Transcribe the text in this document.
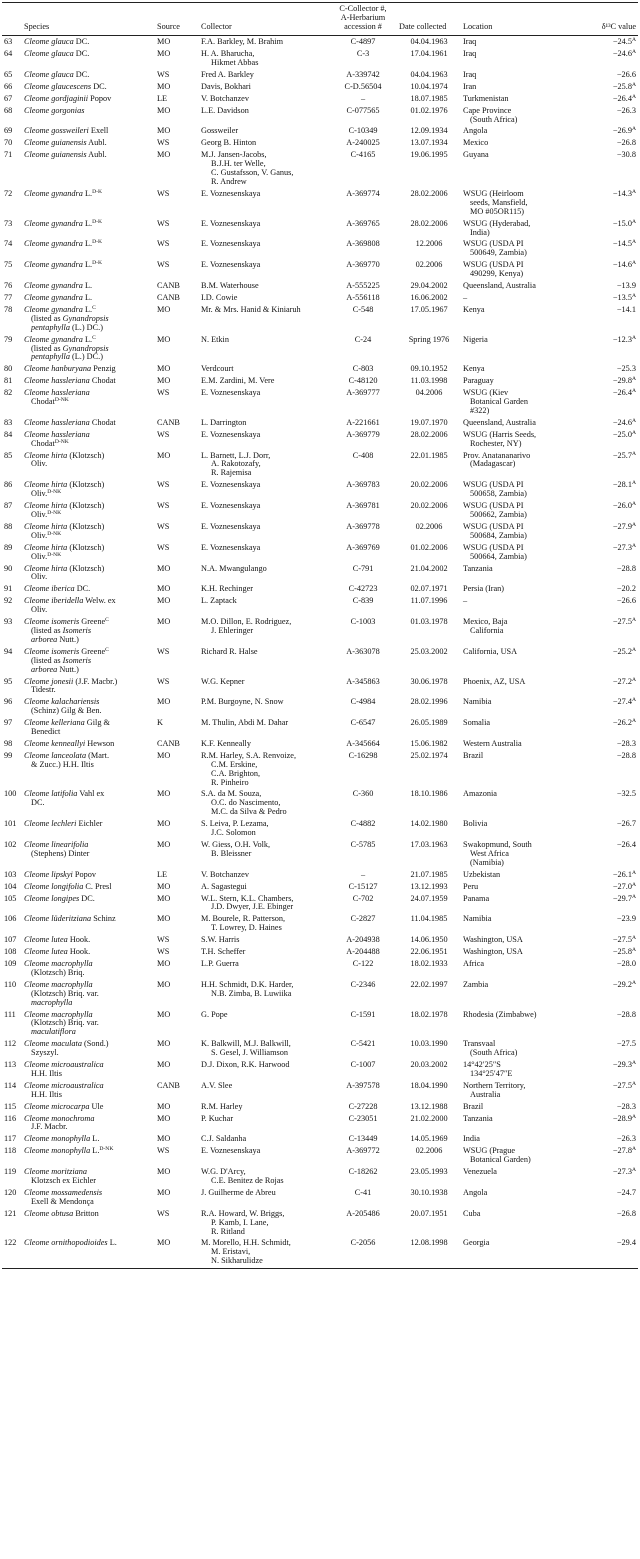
	Species	Source	Collector	C-Collector #,
A-Herbarium
accession #	Date collected	Location	δ¹³C value
63	Cleome glauca DC.	MO	F.A. Barkley, M. Brahim	C-4897	04.04.1963	Iraq	$-24.5^A$
64	Cleome glauca DC.	MO	H. A. Bharucha,
Hikmet Abbas	C-3	17.04.1961	Iraq	$-24.6^A$
65	Cleome glauca DC.	WS	Fred A. Barkley	A-339742	04.04.1963	Iraq	−26.6
66	Cleome glaucescens DC.	MO	Davis, Bokhari	C-D.56504	10.04.1974	Iran	$-25.8^A$
67	Cleome gordjaginii Popov	LE	V. Botchanzev	–	18.07.1985	Turkmenistan	$-26.4^A$
68	Cleome gorgonias	MO	L.E. Davidson	C-077565	01.02.1976	Cape Province
(South Africa)	−26.3
69	Cleome gossweileri Exell	MO	Gossweiler	C-10349	12.09.1934	Angola	$-26.9^A$
70	Cleome guianensis Aubl.	WS	Georg B. Hinton	A-240025	13.07.1934	Mexico	−26.8
71	Cleome guianensis Aubl.	MO	M.J. Jansen-Jacobs,
B.J.H. ter Welle,
C. Gustafsson, V. Ganus,
R. Andrew	C-4165	19.06.1995	Guyana	−30.8
72	Cleome gynandra L.$^{D-K}$	WS	E. Voznesenskaya	A-369774	28.02.2006	WSUG (Heirloom
seeds, Mansfield,
MO #05OR115)	$-14.3^A$
73	Cleome gynandra L.$^{D-K}$	WS	E. Voznesenskaya	A-369765	28.02.2006	WSUG (Hyderabad,
India)	$-15.0^A$
74	Cleome gynandra L.$^{D-K}$	WS	E. Voznesenskaya	A-369808	12.2006	WSUG (USDA PI
500649, Zambia)	$-14.5^A$
75	Cleome gynandra L.$^{D-K}$	WS	E. Voznesenskaya	A-369770	02.2006	WSUG (USDA PI
490299, Kenya)	$-14.6^A$
76	Cleome gynandra L.	CANB	B.M. Waterhouse	A-555225	29.04.2002	Queensland, Australia	−13.9
77	Cleome gynandra L.	CANB	I.D. Cowie	A-556118	16.06.2002	–	$-13.5^A$
78	Cleome gynandra L.$^C$
(listed as Gynandropsis
pentaphylla (L.) DC.)	MO	Mr. & Mrs. Hanid & Kiniaruh	C-548	17.05.1967	Kenya	−14.1
79	Cleome gynandra L.$^C$
(listed as Gynandropsis
pentaphylla (L.) DC.)	MO	N. Etkin	C-24	Spring 1976	Nigeria	$-12.3^A$
80	Cleome hanburyana Penzig	MO	Verdcourt	C-803	09.10.1952	Kenya	−25.3
81	Cleome hassleriana Chodat	MO	E.M. Zardini, M. Vere	C-48120	11.03.1998	Paraguay	$-29.8^A$
82	Cleome hassleriana
Chodat$^{D-NK}$	WS	E. Voznesenskaya	A-369777	04.2006	WSUG (Kiev
Botanical Garden
#322)	$-26.4^A$
83	Cleome hassleriana Chodat	CANB	L. Darrington	A-221661	19.07.1970	Queensland, Australia	$-24.6^A$
84	Cleome hassleriana
Chodat$^{D-NK}$	WS	E. Voznesenskaya	A-369779	28.02.2006	WSUG (Harris Seeds,
Rochester, NY)	$-25.0^A$
85	Cleome hirta (Klotzsch)
Oliv.	MO	L. Barnett, L.J. Dorr,
A. Rakotozafy,
R. Rajemisa	C-408	22.01.1985	Prov. Anatananarivo
(Madagascar)	$-25.7^A$
86	Cleome hirta (Klotzsch)
Oliv.$^{D-NK}$	WS	E. Voznesenskaya	A-369783	20.02.2006	WSUG (USDA PI
500658, Zambia)	$-28.1^A$
87	Cleome hirta (Klotzsch)
Oliv.$^{D-NK}$	WS	E. Voznesenskaya	A-369781	20.02.2006	WSUG (USDA PI
500662, Zambia)	$-26.0^A$
88	Cleome hirta (Klotzsch)
Oliv.$^{D-NK}$	WS	E. Voznesenskaya	A-369778	02.2006	WSUG (USDA PI
500684, Zambia)	$-27.9^A$
89	Cleome hirta (Klotzsch)
Oliv.$^{D-NK}$	WS	E. Voznesenskaya	A-369769	01.02.2006	WSUG (USDA PI
500664, Zambia)	$-27.3^A$
90	Cleome hirta (Klotzsch)
Oliv.	MO	N.A. Mwangulango	C-791	21.04.2002	Tanzania	−28.8
91	Cleome iberica DC.	MO	K.H. Rechinger	C-42723	02.07.1971	Persia (Iran)	−20.2
92	Cleome iberidella Welw. ex
Oliv.	MO	L. Zaptack	C-839	11.07.1996	–	−26.6
93	Cleome isomeris Greene$^C$
(listed as Isomeris
arborea Nutt.)	MO	M.O. Dillon, E. Rodriguez,
J. Ehleringer	C-1003	01.03.1978	Mexico, Baja
California	$-27.5^A$
94	Cleome isomeris Greene$^C$
(listed as Isomeris
arborea Nutt.)	WS	Richard R. Halse	A-363078	25.03.2002	California, USA	$-25.2^A$
95	Cleome jonesii (J.F. Macbr.)
Tidestr.	WS	W.G. Kepner	A-345863	30.06.1978	Phoenix, AZ, USA	$-27.2^A$
96	Cleome kalachariensis
(Schinz) Gilg & Ben.	MO	P.M. Burgoyne, N. Snow	C-4984	28.02.1996	Namibia	$-27.4^A$
97	Cleome kelleriana Gilg &
Benedict	K	M. Thulin, Abdi M. Dahar	C-6547	26.05.1989	Somalia	$-26.2^A$
98	Cleome kenneallyi Hewson	CANB	K.F. Kenneally	A-345664	15.06.1982	Western Australia	−28.3
99	Cleome lanceolata (Mart.
& Zucc.) H.H. Iltis	MO	R.M. Harley, S.A. Renvoize,
C.M. Erskine,
C.A. Brighton,
R. Pinheiro	C-16298	25.02.1974	Brazil	−28.8
100	Cleome latifolia Vahl ex
DC.	MO	S.A. da M. Souza,
O.C. do Nascimento,
M.C. da Silva & Pedro	C-360	18.10.1986	Amazonia	−32.5
101	Cleome lechleri Eichler	MO	S. Leiva, P. Lezama,
J.C. Solomon	C-4882	14.02.1980	Bolivia	−26.7
102	Cleome linearifolia
(Stephens) Dinter	MO	W. Giess, O.H. Volk,
B. Bleissner	C-5785	17.03.1963	Swakopmund, South
West Africa
(Namibia)	−26.4
103	Cleome lipskyi Popov	LE	V. Botchanzev	–	21.07.1985	Uzbekistan	$-26.1^A$
104	Cleome longifolia C. Presl	MO	A. Sagastegui	C-15127	13.12.1993	Peru	$-27.0^A$
105	Cleome longipes DC.	MO	W.L. Stern, K.L. Chambers,
J.D. Dwyer, J.E. Ebinger	C-702	24.07.1959	Panama	$-29.7^A$
106	Cleome lüderitziana Schinz	MO	M. Bourele, R. Patterson,
T. Lowrey, D. Haines	C-2827	11.04.1985	Namibia	−23.9
107	Cleome lutea Hook.	WS	S.W. Harris	A-204938	14.06.1950	Washington, USA	$-27.5^A$
108	Cleome lutea Hook.	WS	T.H. Scheffer	A-204488	22.06.1951	Washington, USA	$-25.8^A$
109	Cleome macrophylla
(Klotzsch) Briq.	MO	L.P. Guerra	C-122	18.02.1933	Africa	−28.0
110	Cleome macrophylla
(Klotzsch) Briq. var.
macrophylla	MO	H.H. Schmidt, D.K. Harder,
N.B. Zimba, B. Luwiika	C-2346	22.02.1997	Zambia	$-29.2^A$
111	Cleome macrophylla
(Klotzsch) Briq. var.
maculatiflora	MO	G. Pope	C-1591	18.02.1978	Rhodesia (Zimbabwe)	−28.8
112	Cleome maculata (Sond.)
Szyszyl.	MO	K. Balkwill, M.J. Balkwill,
S. Gesel, J. Williamson	C-5421	10.03.1990	Transvaal
(South Africa)	−27.5
113	Cleome microaustralica
H.H. Iltis	MO	D.J. Dixon, R.K. Harwood	C-1007	20.03.2002	14°42′25″S
134°25′47″E	$-29.3^A$
114	Cleome microaustralica
H.H. Iltis	CANB	A.V. Slee	A-397578	18.04.1990	Northern Territory,
Australia	$-27.5^A$
115	Cleome microcarpa Ule	MO	R.M. Harley	C-27228	13.12.1988	Brazil	−28.3
116	Cleome monochroma
J.F. Macbr.	MO	P. Kuchar	C-23051	21.02.2000	Tanzania	$-28.9^A$
117	Cleome monophylla L.	MO	C.J. Saldanha	C-13449	14.05.1969	India	−26.3
118	Cleome monophylla L.$^{D-NK}$	WS	E. Voznesenskaya	A-369772	02.2006	WSUG (Prague
Botanical Garden)	$-27.8^A$
119	Cleome moritziana
Klotzsch ex Eichler	MO	W.G. D'Arcy,
C.E. Benitez de Rojas	C-18262	23.05.1993	Venezuela	$-27.3^A$
120	Cleome mossamedensis
Exell & Mendonça	MO	J. Guilherme de Abreu	C-41	30.10.1938	Angola	−24.7
121	Cleome obtusa Britton	WS	R.A. Howard, W. Briggs,
P. Kamb, I. Lane,
R. Ritland	A-205486	20.07.1951	Cuba	−26.8
122	Cleome ornithopodioides L.	MO	M. Morello, H.H. Schmidt,
M. Eristavi,
N. Sikharulidze	C-2056	12.08.1998	Georgia	−29.4
